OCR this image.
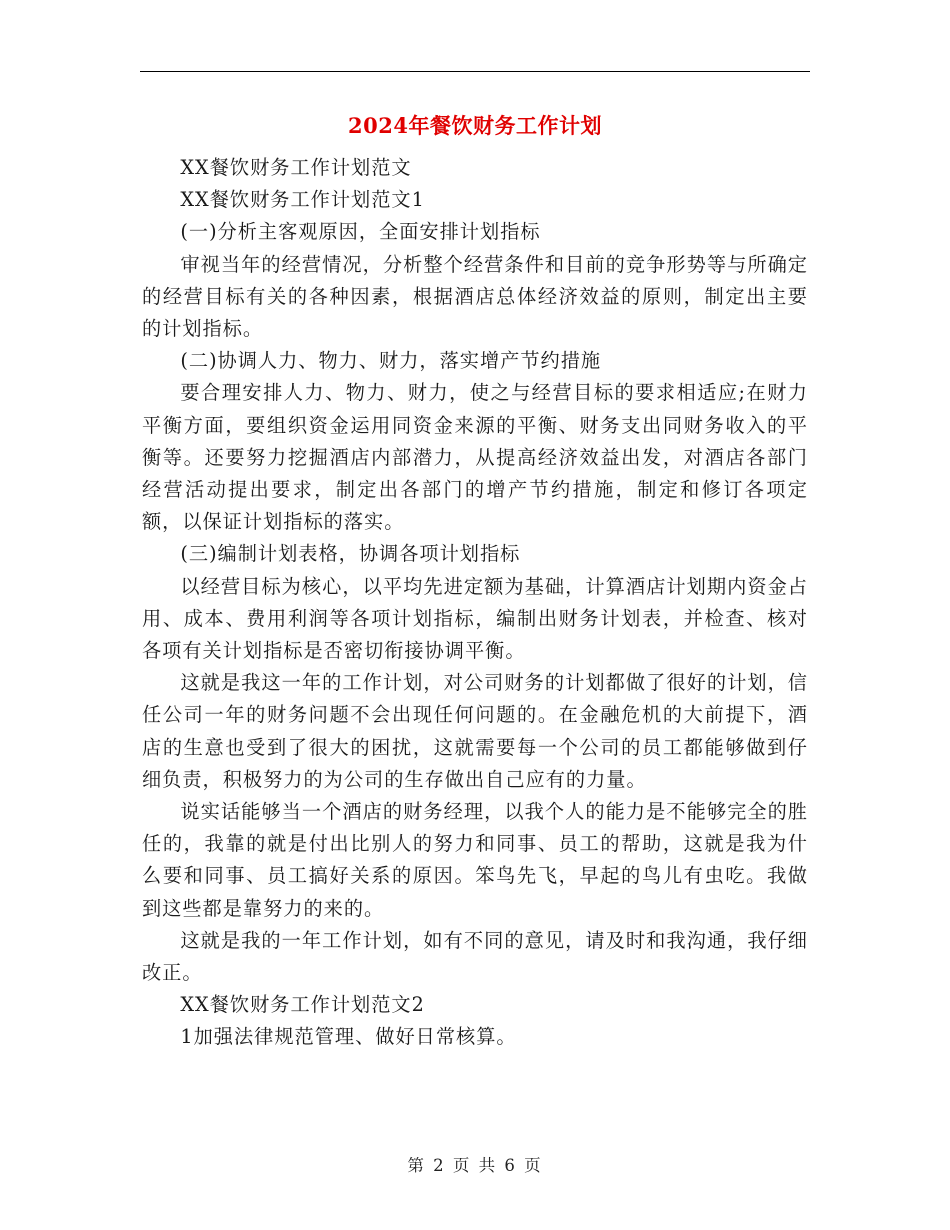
2024年餐饮财务工作计划

XX餐饮财务工作计划范文

XX餐饮财务工作计划范文1

(一)分析主客观原因，全面安排计划指标

审视当年的经营情况，分析整个经营条件和目前的竞争形势等与所确定的经营目标有关的各种因素，根据酒店总体经济效益的原则，制定出主要的计划指标。

(二)协调人力、物力、财力，落实增产节约措施

要合理安排人力、物力、财力，使之与经营目标的要求相适应;在财力平衡方面，要组织资金运用同资金来源的平衡、财务支出同财务收入的平衡等。还要努力挖掘酒店内部潜力，从提高经济效益出发，对酒店各部门经营活动提出要求，制定出各部门的增产节约措施，制定和修订各项定额，以保证计划指标的落实。

(三)编制计划表格，协调各项计划指标

以经营目标为核心，以平均先进定额为基础，计算酒店计划期内资金占用、成本、费用利润等各项计划指标，编制出财务计划表，并检查、核对各项有关计划指标是否密切衔接协调平衡。

这就是我这一年的工作计划，对公司财务的计划都做了很好的计划，信任公司一年的财务问题不会出现任何问题的。在金融危机的大前提下，酒店的生意也受到了很大的困扰，这就需要每一个公司的员工都能够做到仔细负责，积极努力的为公司的生存做出自己应有的力量。

说实话能够当一个酒店的财务经理，以我个人的能力是不能够完全的胜任的，我靠的就是付出比别人的努力和同事、员工的帮助，这就是我为什么要和同事、员工搞好关系的原因。笨鸟先飞，早起的鸟儿有虫吃。我做到这些都是靠努力的来的。

这就是我的一年工作计划，如有不同的意见，请及时和我沟通，我仔细改正。

XX餐饮财务工作计划范文2

1加强法律规范管理、做好日常核算。

第 2 页 共 6 页
